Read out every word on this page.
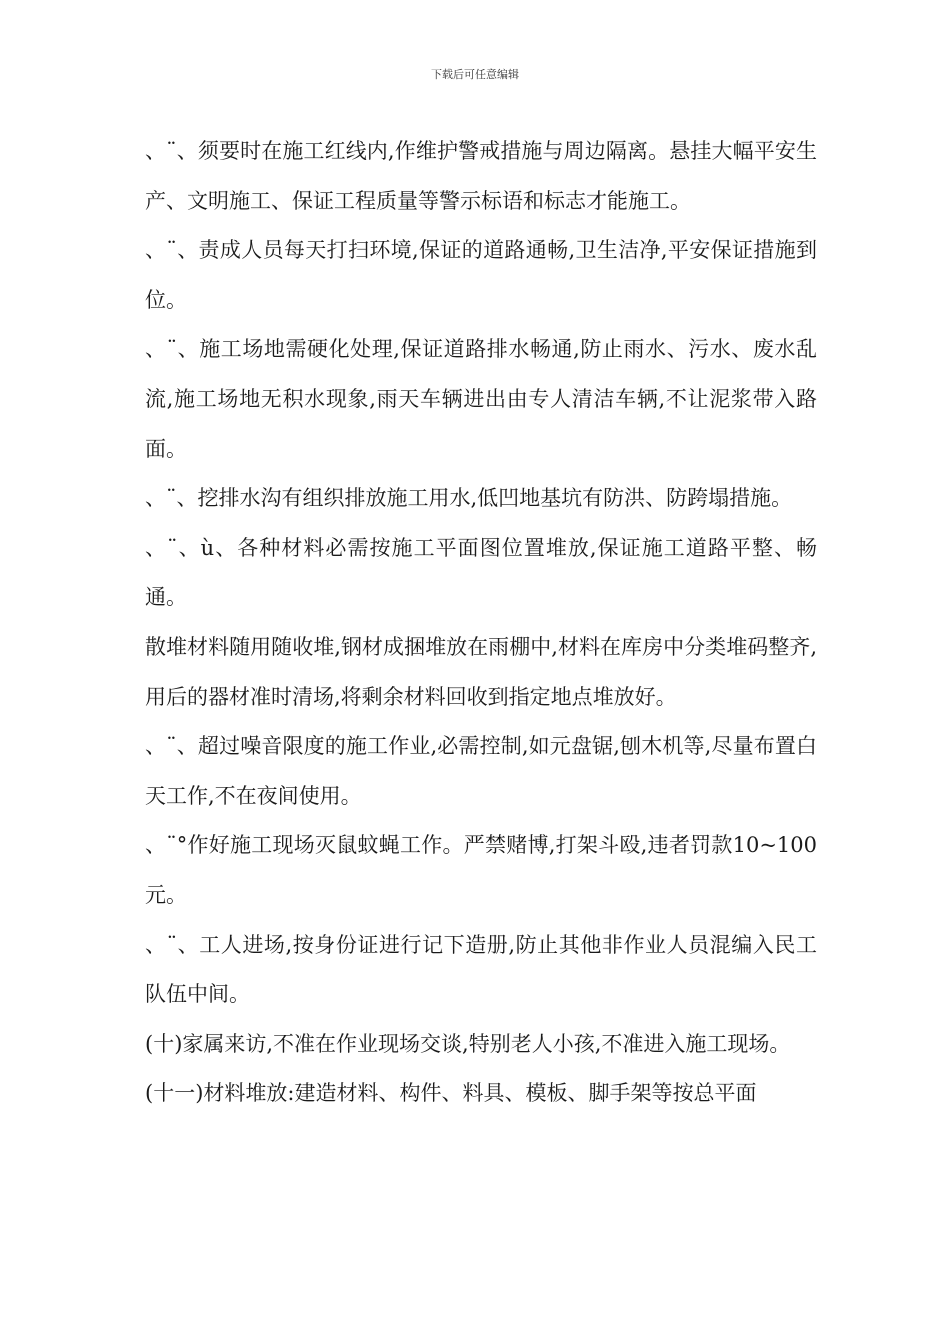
下载后可任意编辑

、¨、须要时在施工红线内,作维护警戒措施与周边隔离。悬挂大幅平安生产、文明施工、保证工程质量等警示标语和标志才能施工。

、¨、责成人员每天打扫环境,保证的道路通畅,卫生洁净,平安保证措施到位。

、¨、施工场地需硬化处理,保证道路排水畅通,防止雨水、污水、废水乱流,施工场地无积水现象,雨天车辆进出由专人清洁车辆,不让泥浆带入路面。

、¨、挖排水沟有组织排放施工用水,低凹地基坑有防洪、防跨塌措施。

、¨、ù、各种材料必需按施工平面图位置堆放,保证施工道路平整、畅通。

散堆材料随用随收堆,钢材成捆堆放在雨棚中,材料在库房中分类堆码整齐,用后的器材准时清场,将剩余材料回收到指定地点堆放好。

、¨、超过噪音限度的施工作业,必需控制,如元盘锯,刨木机等,尽量布置白天工作,不在夜间使用。

、¨°作好施工现场灭鼠蚊蝇工作。严禁赌博,打架斗殴,违者罚款10~100元。

、¨、工人进场,按身份证进行记下造册,防止其他非作业人员混编入民工队伍中间。

(十)家属来访,不准在作业现场交谈,特别老人小孩,不准进入施工现场。

(十一)材料堆放:建造材料、构件、料具、模板、脚手架等按总平面
